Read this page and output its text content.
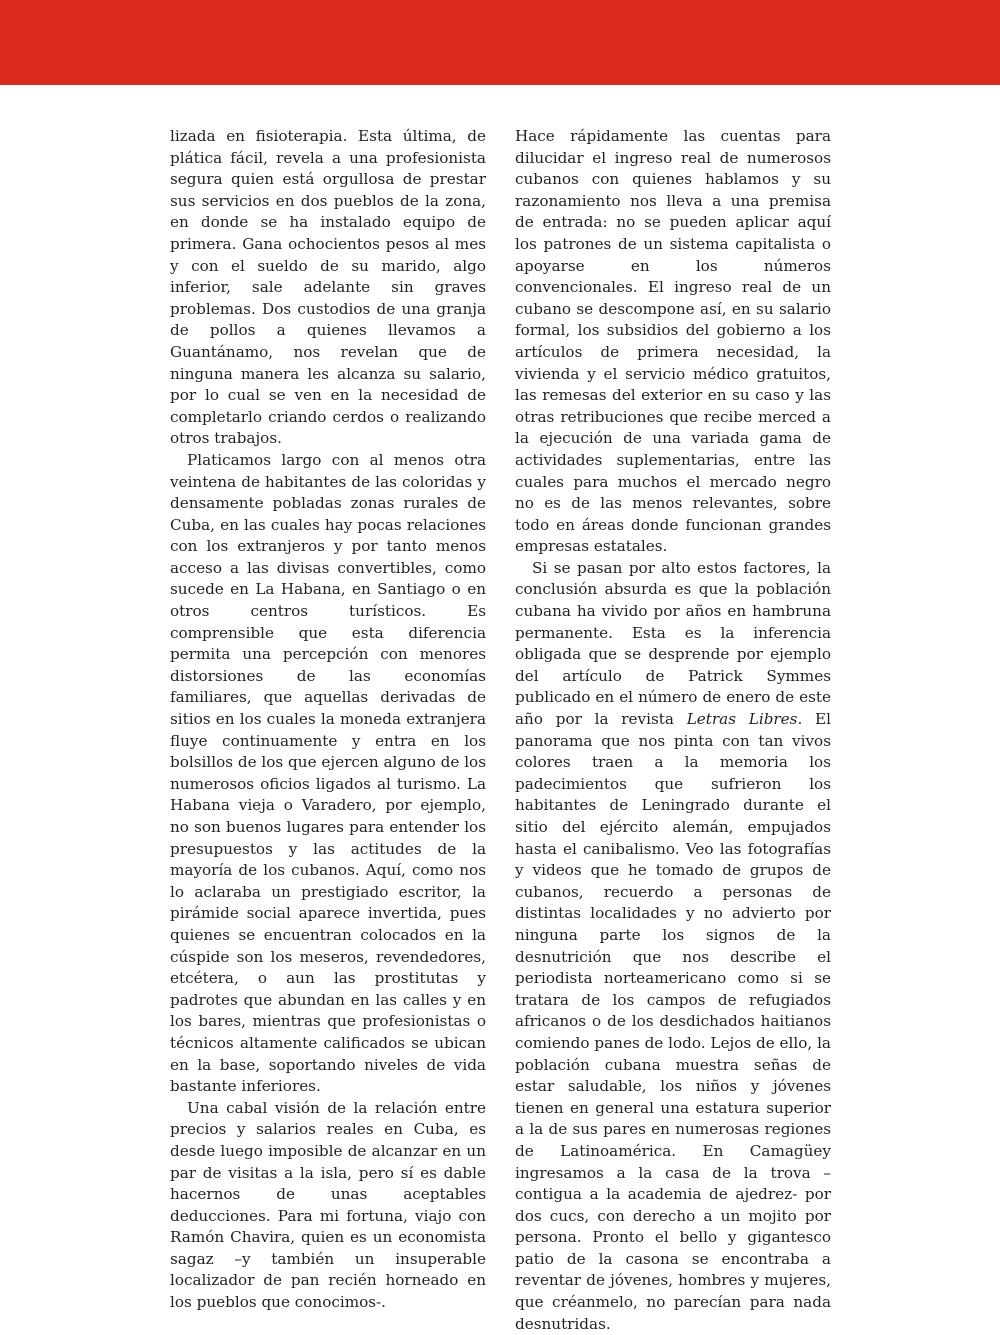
lizada en fisioterapia. Esta última, de plática fácil, revela a una profesionista segura quien está orgullosa de prestar sus servicios en dos pueblos de la zona, en donde se ha instalado equipo de primera. Gana ochocientos pesos al mes y con el sueldo de su marido, algo inferior, sale adelante sin graves problemas. Dos custodios de una granja de pollos a quienes llevamos a Guantánamo, nos revelan que de ninguna manera les alcanza su salario, por lo cual se ven en la necesidad de completarlo criando cerdos o realizando otros trabajos.

Platicamos largo con al menos otra veintena de habitantes de las coloridas y densamente pobladas zonas rurales de Cuba, en las cuales hay pocas relaciones con los extranjeros y por tanto menos acceso a las divisas convertibles, como sucede en La Habana, en Santiago o en otros centros turísticos. Es comprensible que esta diferencia permita una percepción con menores distorsiones de las economías familiares, que aquellas derivadas de sitios en los cuales la moneda extranjera fluye continuamente y entra en los bolsillos de los que ejercen alguno de los numerosos oficios ligados al turismo. La Habana vieja o Varadero, por ejemplo, no son buenos lugares para entender los presupuestos y las actitudes de la mayoría de los cubanos. Aquí, como nos lo aclaraba un prestigiado escritor, la pirámide social aparece invertida, pues quienes se encuentran colocados en la cúspide son los meseros, revendedores, etcétera, o aun las prostitutas y padrotes que abundan en las calles y en los bares, mientras que profesionistas o técnicos altamente calificados se ubican en la base, soportando niveles de vida bastante inferiores.

Una cabal visión de la relación entre precios y salarios reales en Cuba, es desde luego imposible de alcanzar en un par de visitas a la isla, pero sí es dable hacernos de unas aceptables deducciones. Para mi fortuna, viajo con Ramón Chavira, quien es un economista sagaz –y también un insuperable localizador de pan recién horneado en los pueblos que conocimos-.

Hace rápidamente las cuentas para dilucidar el ingreso real de numerosos cubanos con quienes hablamos y su razonamiento nos lleva a una premisa de entrada: no se pueden aplicar aquí los patrones de un sistema capitalista o apoyarse en los números convencionales. El ingreso real de un cubano se descompone así, en su salario formal, los subsidios del gobierno a los artículos de primera necesidad, la vivienda y el servicio médico gratuitos, las remesas del exterior en su caso y las otras retribuciones que recibe merced a la ejecución de una variada gama de actividades suplementarias, entre las cuales para muchos el mercado negro no es de las menos relevantes, sobre todo en áreas donde funcionan grandes empresas estatales.

Si se pasan por alto estos factores, la conclusión absurda es que la población cubana ha vivido por años en hambruna permanente. Esta es la inferencia obligada que se desprende por ejemplo del artículo de Patrick Symmes publicado en el número de enero de este año por la revista Letras Libres. El panorama que nos pinta con tan vivos colores traen a la memoria los padecimientos que sufrieron los habitantes de Leningrado durante el sitio del ejército alemán, empujados hasta el canibalismo. Veo las fotografías y videos que he tomado de grupos de cubanos, recuerdo a personas de distintas localidades y no advierto por ninguna parte los signos de la desnutrición que nos describe el periodista norteamericano como si se tratara de los campos de refugiados africanos o de los desdichados haitianos comiendo panes de lodo. Lejos de ello, la población cubana muestra señas de estar saludable, los niños y jóvenes tienen en general una estatura superior a la de sus pares en numerosas regiones de Latinoamérica. En Camagüey ingresamos a la casa de la trova –contigua a la academia de ajedrez- por dos cucs, con derecho a un mojito por persona. Pronto el bello y gigantesco patio de la casona se encontraba a reventar de jóvenes, hombres y mujeres, que créanmelo, no parecían para nada desnutridas.
